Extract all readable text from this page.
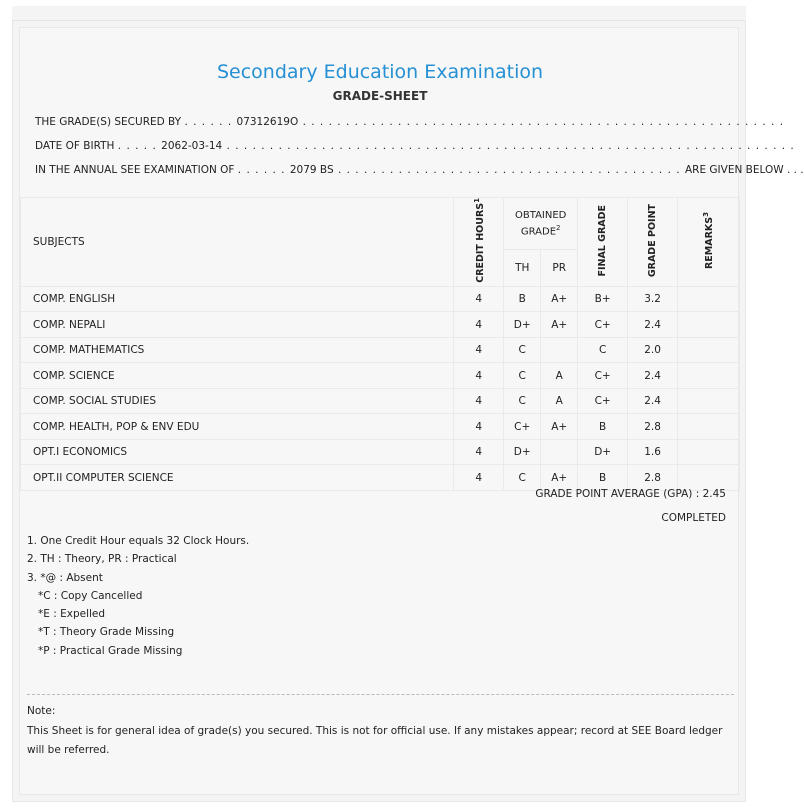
Secondary Education Examination
GRADE-SHEET
THE GRADE(S) SECURED BY . . . . . . 07312619O . . . . . . . . . . . . . . . . . . . . . . . . . . . . . . . . . . . . . . . . . . . . . . . . . . . . . . . .
DATE OF BIRTH . . . . . 2062-03-14 . . . . . . . . . . . . . . . . . . . . . . . . . . . . . . . . . . . . . . . . . . . . . . . . . . . . . . . . . . . . . . . . . .
IN THE ANNUAL SEE EXAMINATION OF . . . . . . 2079 BS . . . . . . . . . . . . . . . . . . . . . . . . . . . . . . . . . . . . . . . . ARE GIVEN BELOW . . .
SUBJECTS	CREDIT HOURS$^1$	OBTAINED GRADE$^2$		FINAL GRADE	GRADE POINT	REMARKS$^3$
		TH	PR			
COMP. ENGLISH	4	B	A+	B+	3.2	
COMP. NEPALI	4	D+	A+	C+	2.4	
COMP. MATHEMATICS	4	C		C	2.0	
COMP. SCIENCE	4	C	A	C+	2.4	
COMP. SOCIAL STUDIES	4	C	A	C+	2.4	
COMP. HEALTH, POP & ENV EDU	4	C+	A+	B	2.8	
OPT.I ECONOMICS	4	D+		D+	1.6	
OPT.II COMPUTER SCIENCE	4	C	A+	B	2.8	
GRADE POINT AVERAGE (GPA) : 2.45
COMPLETED
1. One Credit Hour equals 32 Clock Hours.
2. TH : Theory, PR : Practical
3. *@ : Absent
*C : Copy Cancelled
*E : Expelled
*T : Theory Grade Missing
*P : Practical Grade Missing
Note:
This Sheet is for general idea of grade(s) you secured. This is not for official use. If any mistakes appear; record at SEE Board ledger will be referred.
